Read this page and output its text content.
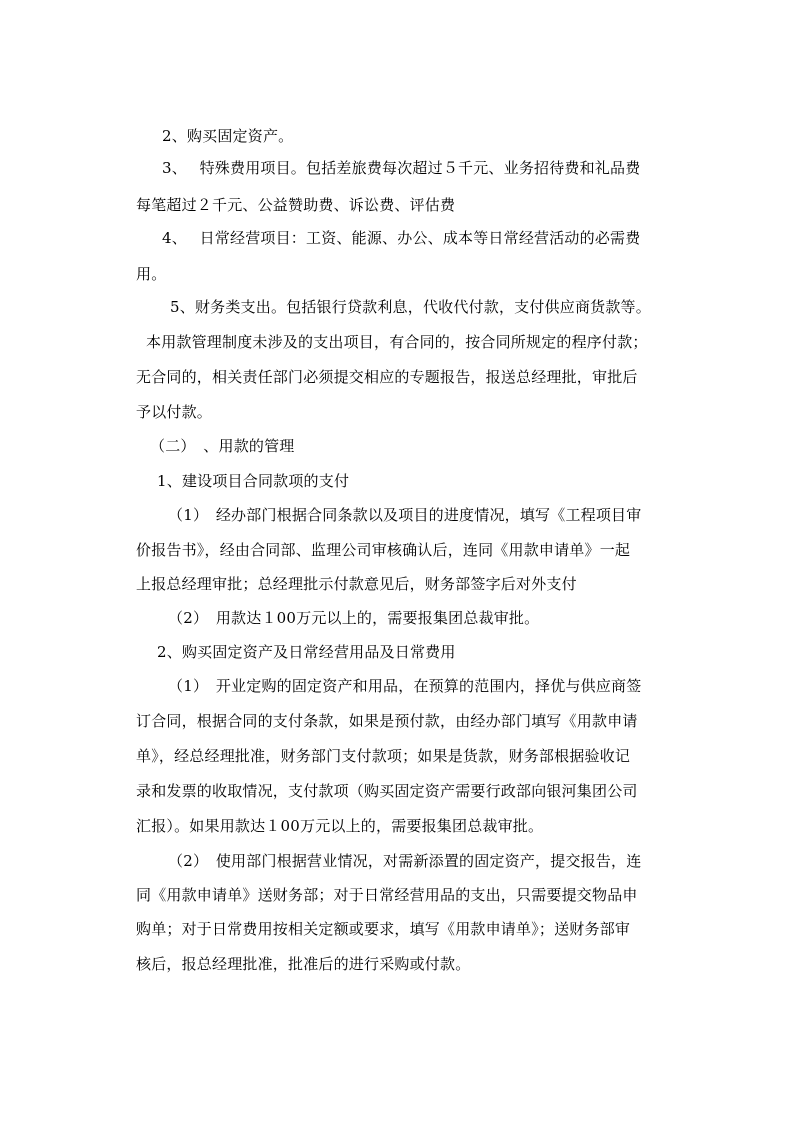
2、购买固定资产。
3、　 特殊费用项目。包括差旅费每次超过５千元、业务招待费和礼品费
每笔超过２千元、公益赞助费、诉讼费、评估费
4、　 日常经营项目：工资、能源、办公、成本等日常经营活动的必需费
用。
5、财务类支出。包括银行贷款利息，代收代付款，支付供应商货款等。
本用款管理制度未涉及的支出项目，有合同的，按合同所规定的程序付款；
无合同的，相关责任部门必须提交相应的专题报告，报送总经理批，审批后
予以付款。
（二）　、用款的管理
1、建设项目合同款项的支付
（1）　经办部门根据合同条款以及项目的进度情况，填写《工程项目审
价报告书》，经由合同部、监理公司审核确认后，连同《用款申请单》一起
上报总经理审批；总经理批示付款意见后，财务部签字后对外支付
（2）　用款达１00万元以上的，需要报集团总裁审批。
2、购买固定资产及日常经营用品及日常费用
（1）　开业定购的固定资产和用品，在预算的范围内，择优与供应商签
订合同，根据合同的支付条款，如果是预付款，由经办部门填写《用款申请
单》，经总经理批准，财务部门支付款项；如果是货款，财务部根据验收记
录和发票的收取情况，支付款项（购买固定资产需要行政部向银河集团公司
汇报）。如果用款达１00万元以上的，需要报集团总裁审批。
（2）　使用部门根据营业情况，对需新添置的固定资产，提交报告，连
同《用款申请单》送财务部；对于日常经营用品的支出，只需要提交物品申
购单；对于日常费用按相关定额或要求，填写《用款申请单》；送财务部审
核后，报总经理批准，批准后的进行采购或付款。
